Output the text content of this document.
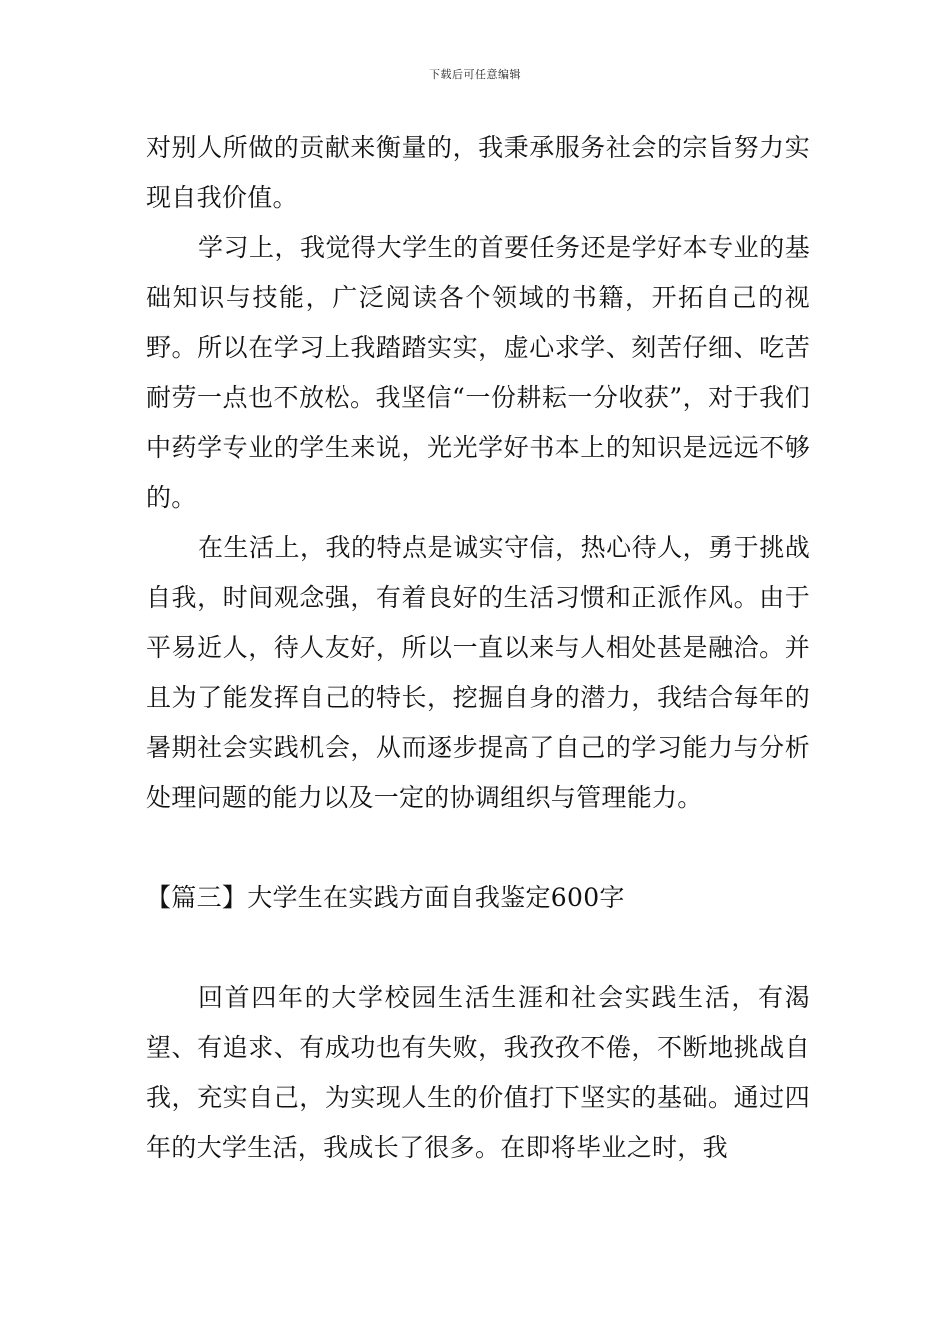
下载后可任意编辑

对别人所做的贡献来衡量的，我秉承服务社会的宗旨努力实现自我价值。

学习上，我觉得大学生的首要任务还是学好本专业的基础知识与技能，广泛阅读各个领域的书籍，开拓自己的视野。所以在学习上我踏踏实实，虚心求学、刻苦仔细、吃苦耐劳一点也不放松。我坚信“一份耕耘一分收获”，对于我们中药学专业的学生来说，光光学好书本上的知识是远远不够的。

在生活上，我的特点是诚实守信，热心待人，勇于挑战自我，时间观念强，有着良好的生活习惯和正派作风。由于平易近人，待人友好，所以一直以来与人相处甚是融洽。并且为了能发挥自己的特长，挖掘自身的潜力，我结合每年的暑期社会实践机会，从而逐步提高了自己的学习能力与分析处理问题的能力以及一定的协调组织与管理能力。

【篇三】大学生在实践方面自我鉴定600字

回首四年的大学校园生活生涯和社会实践生活，有渴望、有追求、有成功也有失败，我孜孜不倦，不断地挑战自我，充实自己，为实现人生的价值打下坚实的基础。通过四年的大学生活，我成长了很多。在即将毕业之时，我
